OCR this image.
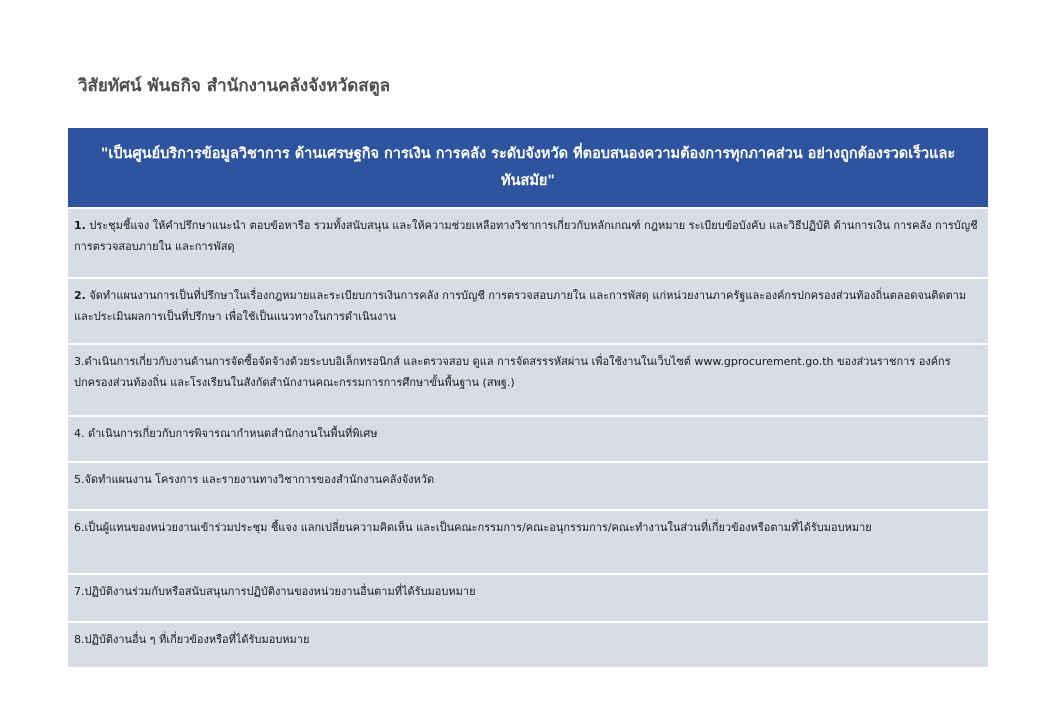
วิสัยทัศน์ พันธกิจ สำนักงานคลังจังหวัดสตูล
"เป็นศูนย์บริการข้อมูลวิชาการ ด้านเศรษฐกิจ การเงิน การคลัง ระดับจังหวัด ที่ตอบสนองความต้องการทุกภาคส่วน อย่างถูกต้องรวดเร็วและทันสมัย"
1. ประชุมชี้แจง ให้คำปรึกษาแนะนำ ตอบข้อหารือ รวมทั้งสนับสนุน และให้ความช่วยเหลือทางวิชาการเกี่ยวกับหลักเกณฑ์ กฎหมาย ระเบียบข้อบังคับ และวิธีปฏิบัติ ด้านการเงิน การคลัง การบัญชี การตรวจสอบภายใน และการพัสดุ
2. จัดทำแผนงานการเป็นที่ปรึกษาในเรื่องกฎหมายและระเบียบการเงินการคลัง การบัญชี การตรวจสอบภายใน และการพัสดุ แก่หน่วยงานภาครัฐและองค์กรปกครองส่วนท้องถิ่นตลอดจนติดตามและประเมินผลการเป็นที่ปรึกษา เพื่อใช้เป็นแนวทางในการดำเนินงาน
3.ดำเนินการเกี่ยวกับงานด้านการจัดซื้อจัดจ้างด้วยระบบอิเล็กทรอนิกส์ และตรวจสอบ ดูแล การจัดสรรรหัสผ่าน เพื่อใช้งานในเว็บไซต์ www.gprocurement.go.th ของส่วนราชการ องค์กรปกครองส่วนท้องถิ่น และโรงเรียนในสังกัดสำนักงานคณะกรรมการการศึกษาขั้นพื้นฐาน (สพฐ.)
4. ดำเนินการเกี่ยวกับการพิจารณากำหนดสำนักงานในพื้นที่พิเศษ
5.จัดทำแผนงาน โครงการ และรายงานทางวิชาการของสำนักงานคลังจังหวัด
6.เป็นผู้แทนของหน่วยงานเข้าร่วมประชุม ชี้แจง แลกเปลี่ยนความคิดเห็น และเป็นคณะกรรมการ/คณะอนุกรรมการ/คณะทำงานในส่วนที่เกี่ยวข้องหรือตามที่ได้รับมอบหมาย
7.ปฏิบัติงานร่วมกับหรือสนับสนุนการปฏิบัติงานของหน่วยงานอื่นตามที่ได้รับมอบหมาย
8.ปฏิบัติงานอื่น ๆ ที่เกี่ยวข้องหรือที่ได้รับมอบหมาย
